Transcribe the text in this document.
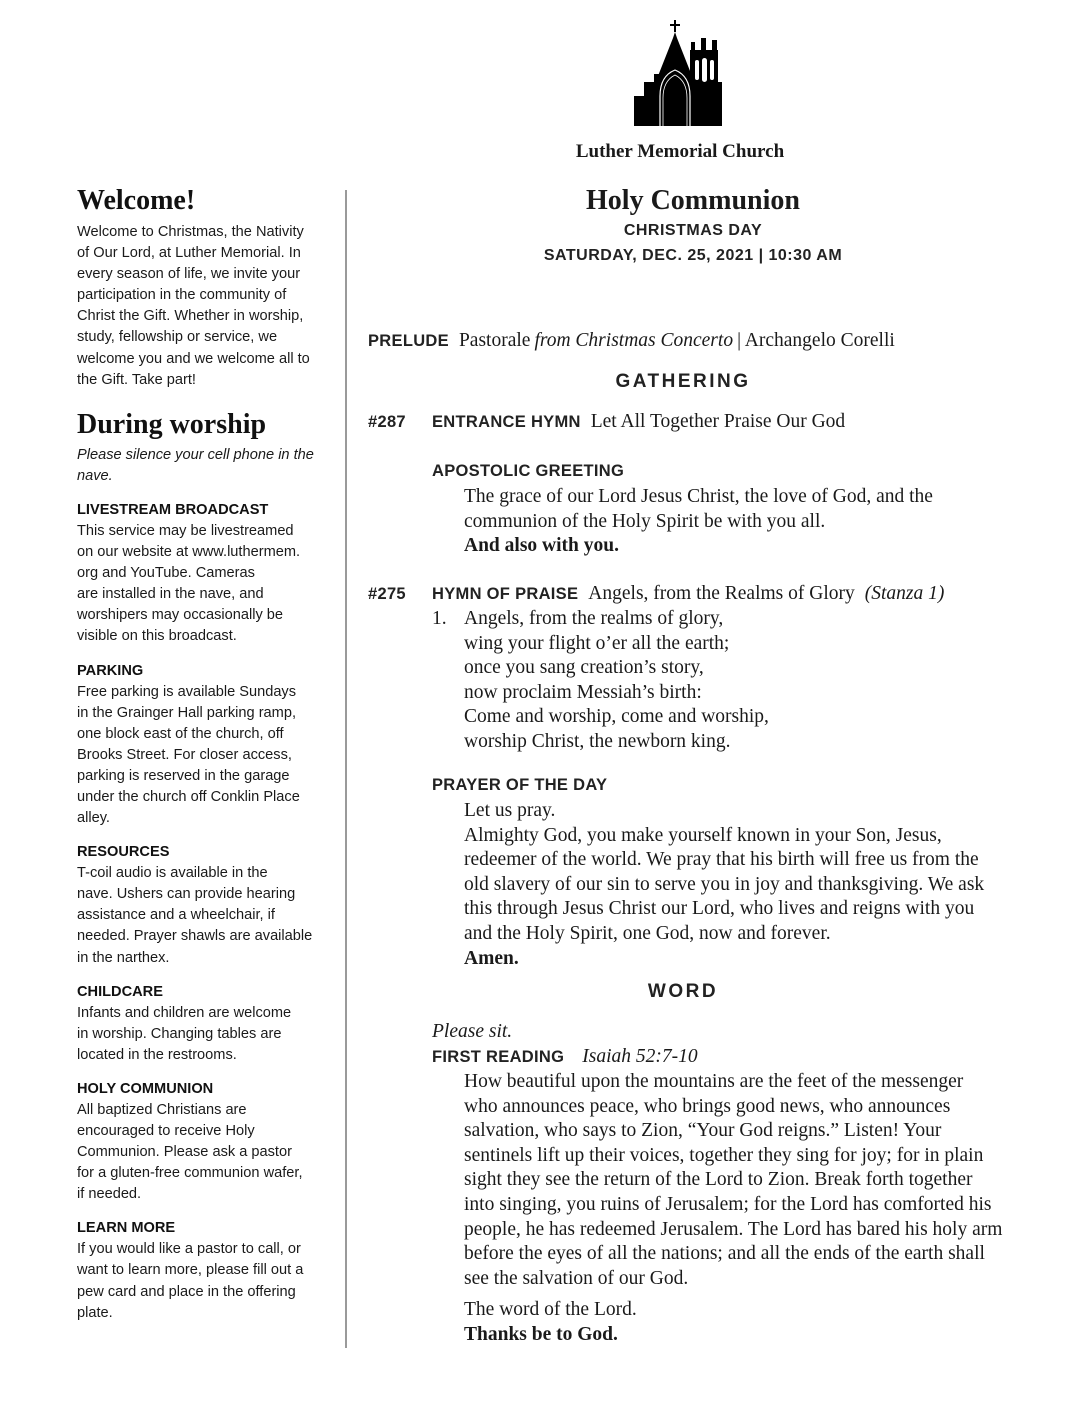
Luther Memorial Church
Welcome!
Welcome to Christmas, the Nativity
of Our Lord, at Luther Memorial. In
every season of life, we invite your
participation in the community of
Christ the Gift. Whether in worship,
study, fellowship or service, we
welcome you and we welcome all to
the Gift. Take part!
During worship
Please silence your cell phone in the
nave.
LIVESTREAM BROADCAST
This service may be livestreamed
on our website at www.luthermem.
org and YouTube. Cameras
are installed in the nave, and
worshipers may occasionally be
visible on this broadcast.
PARKING
Free parking is available Sundays
in the Grainger Hall parking ramp,
one block east of the church, off
Brooks Street. For closer access,
parking is reserved in the garage
under the church off Conklin Place
alley.
RESOURCES
T-coil audio is available in the
nave. Ushers can provide hearing
assistance and a wheelchair, if
needed. Prayer shawls are available
in the narthex.
CHILDCARE
Infants and children are welcome
in worship. Changing tables are
located in the restrooms.
HOLY COMMUNION
All baptized Christians are
encouraged to receive Holy
Communion. Please ask a pastor
for a gluten-free communion wafer,
if needed.
LEARN MORE
If you would like a pastor to call, or
want to learn more, please fill out a
pew card and place in the offering
plate.
Holy Communion
CHRISTMAS DAY
SATURDAY, DEC. 25, 2021 | 10:30 AM
PRELUDE Pastorale from Christmas Concerto | Archangelo Corelli
GATHERING
#287 ENTRANCE HYMN Let All Together Praise Our God
APOSTOLIC GREETING
The grace of our Lord Jesus Christ, the love of God, and the
communion of the Holy Spirit be with you all.
And also with you.
#275 HYMN OF PRAISE Angels, from the Realms of Glory (Stanza 1)
1. Angels, from the realms of glory,
wing your flight o’er all the earth;
once you sang creation’s story,
now proclaim Messiah’s birth:
Come and worship, come and worship,
worship Christ, the newborn king.
PRAYER OF THE DAY
Let us pray.
Almighty God, you make yourself known in your Son, Jesus,
redeemer of the world. We pray that his birth will free us from the
old slavery of our sin to serve you in joy and thanksgiving. We ask
this through Jesus Christ our Lord, who lives and reigns with you
and the Holy Spirit, one God, now and forever.
Amen.
WORD
Please sit.
FIRST READING Isaiah 52:7-10
How beautiful upon the mountains are the feet of the messenger
who announces peace, who brings good news, who announces
salvation, who says to Zion, “Your God reigns.” Listen! Your
sentinels lift up their voices, together they sing for joy; for in plain
sight they see the return of the Lord to Zion. Break forth together
into singing, you ruins of Jerusalem; for the Lord has comforted his
people, he has redeemed Jerusalem. The Lord has bared his holy arm
before the eyes of all the nations; and all the ends of the earth shall
see the salvation of our God.
The word of the Lord.
Thanks be to God.
